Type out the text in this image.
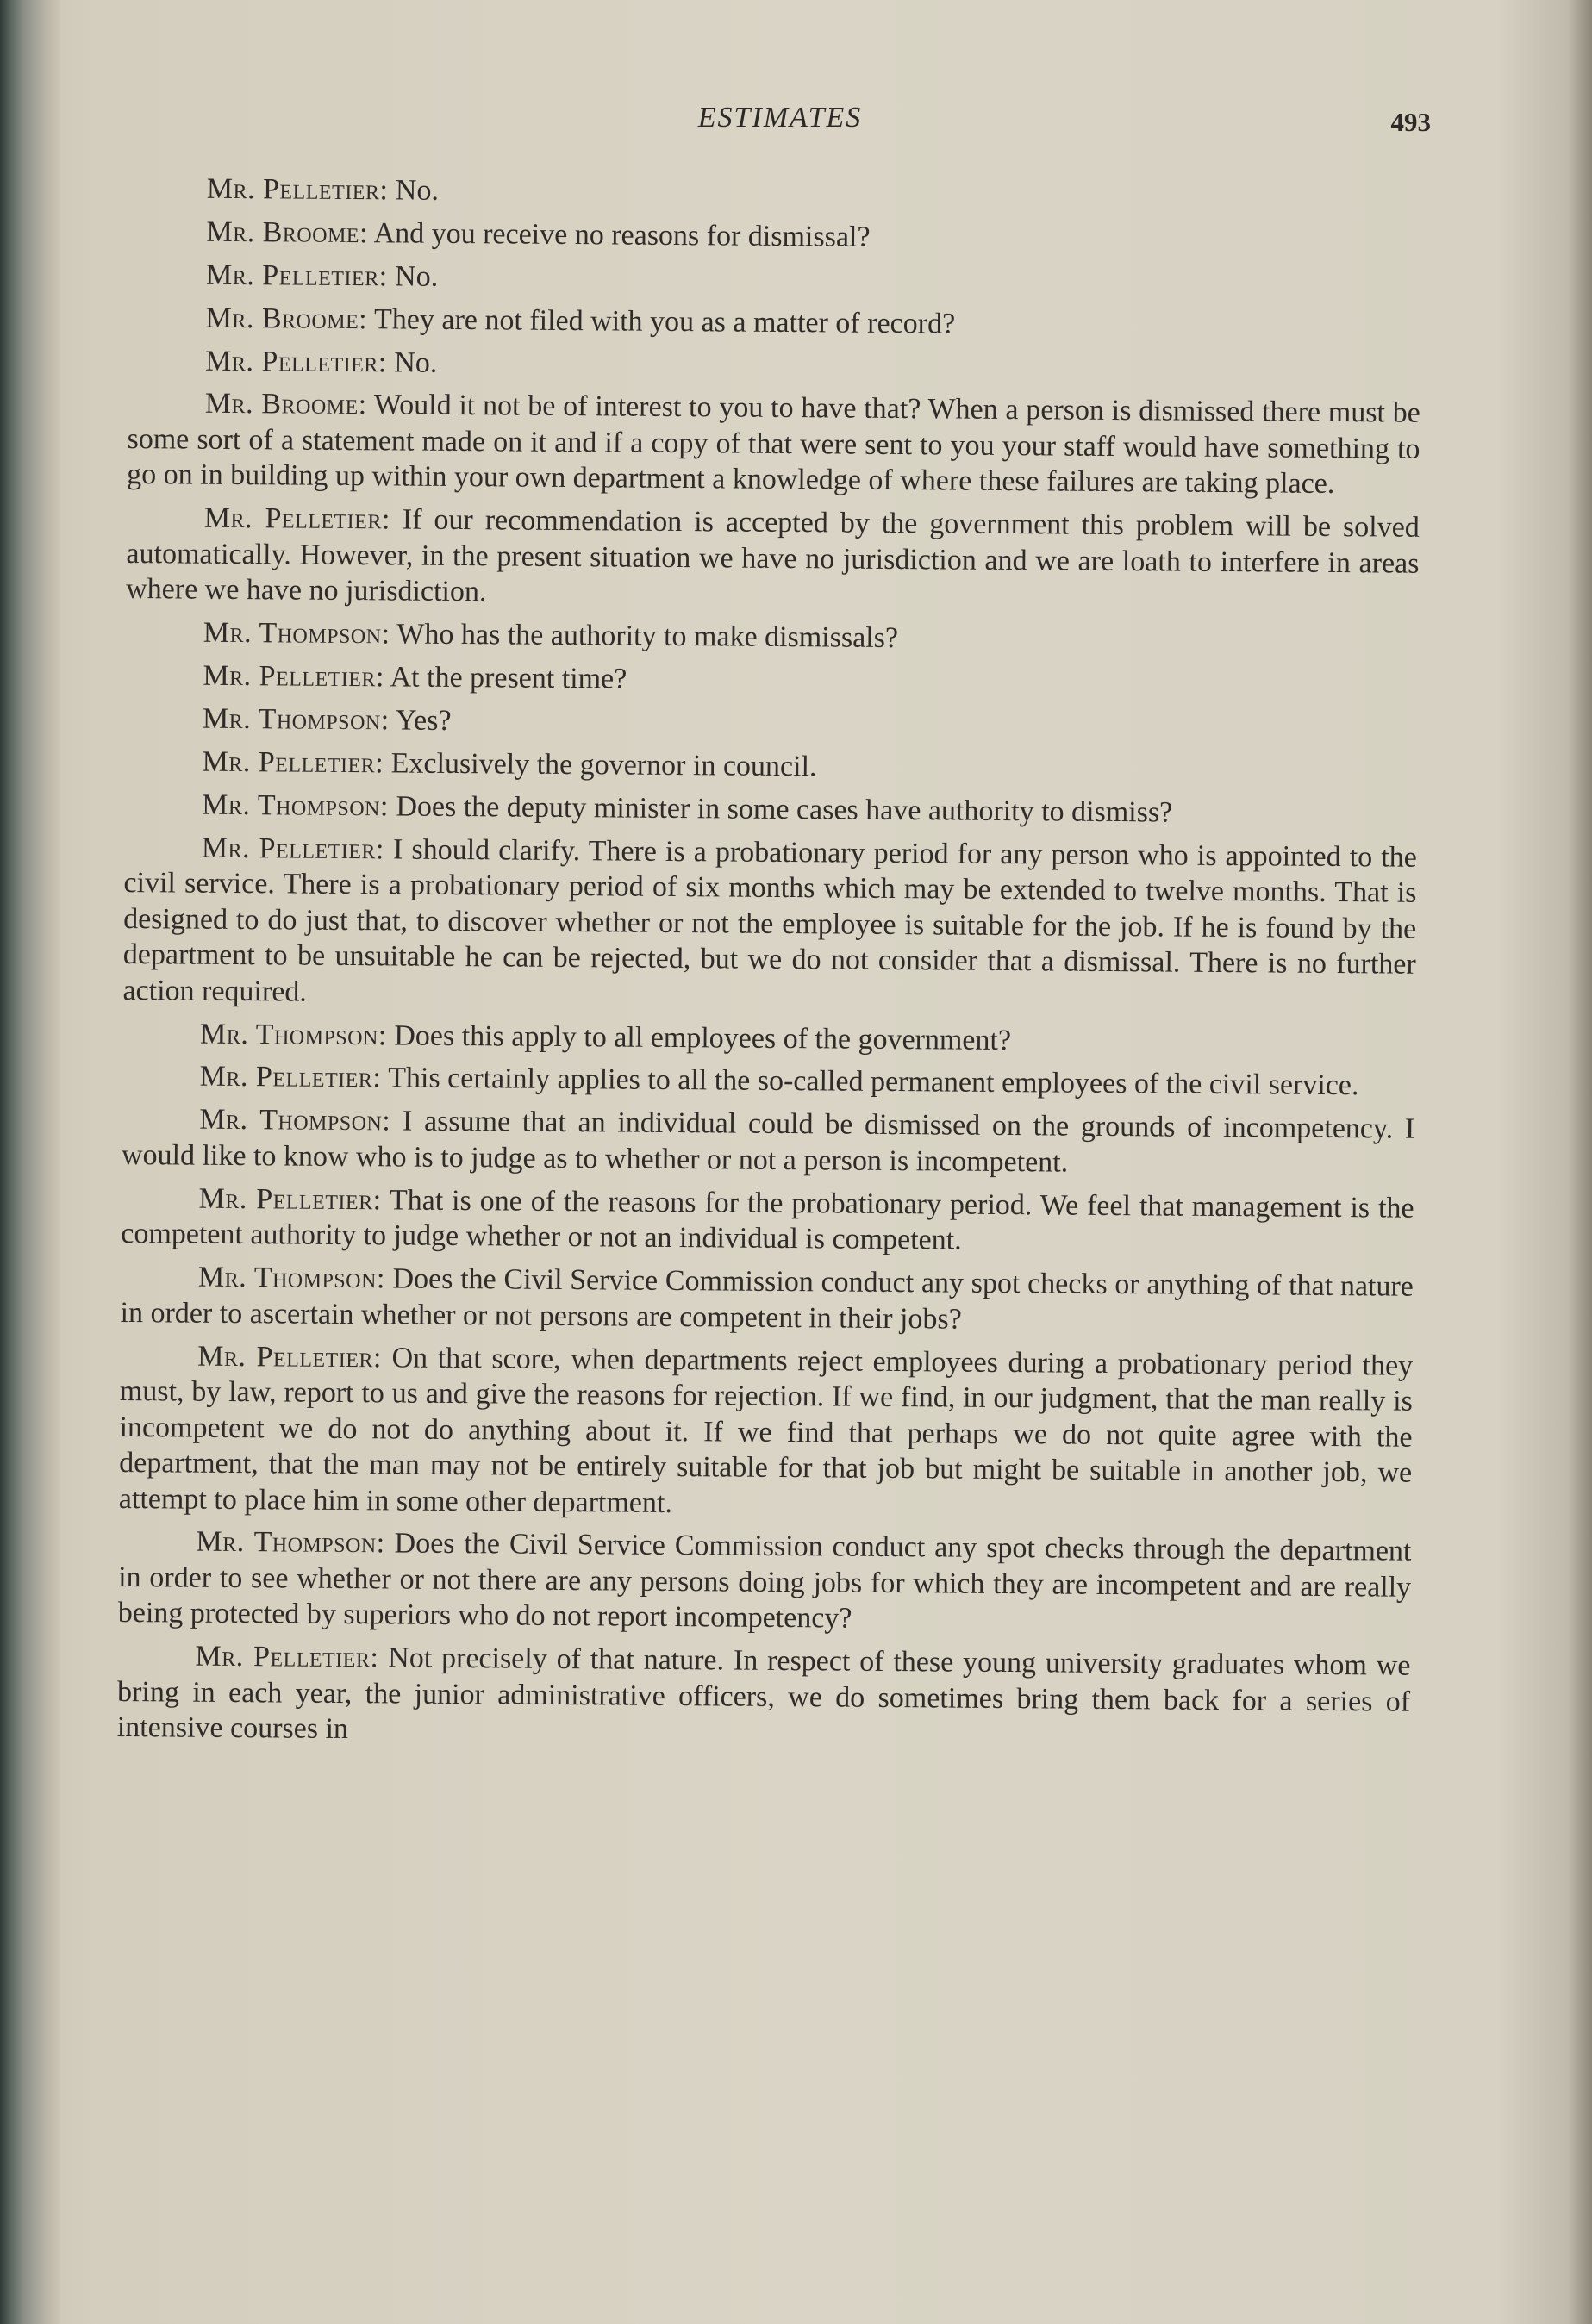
ESTIMATES	493

Mr. Pelletier: No.

Mr. Broome: And you receive no reasons for dismissal?

Mr. Pelletier: No.

Mr. Broome: They are not filed with you as a matter of record?

Mr. Pelletier: No.

Mr. Broome: Would it not be of interest to you to have that? When a person is dismissed there must be some sort of a statement made on it and if a copy of that were sent to you your staff would have something to go on in building up within your own department a knowledge of where these failures are taking place.

Mr. Pelletier: If our recommendation is accepted by the government this problem will be solved automatically. However, in the present situation we have no jurisdiction and we are loath to interfere in areas where we have no jurisdiction.

Mr. Thompson: Who has the authority to make dismissals?

Mr. Pelletier: At the present time?

Mr. Thompson: Yes?

Mr. Pelletier: Exclusively the governor in council.

Mr. Thompson: Does the deputy minister in some cases have authority to dismiss?

Mr. Pelletier: I should clarify. There is a probationary period for any person who is appointed to the civil service. There is a probationary period of six months which may be extended to twelve months. That is designed to do just that, to discover whether or not the employee is suitable for the job. If he is found by the department to be unsuitable he can be rejected, but we do not consider that a dismissal. There is no further action required.

Mr. Thompson: Does this apply to all employees of the government?

Mr. Pelletier: This certainly applies to all the so-called permanent employees of the civil service.

Mr. Thompson: I assume that an individual could be dismissed on the grounds of incompetency. I would like to know who is to judge as to whether or not a person is incompetent.

Mr. Pelletier: That is one of the reasons for the probationary period. We feel that management is the competent authority to judge whether or not an individual is competent.

Mr. Thompson: Does the Civil Service Commission conduct any spot checks or anything of that nature in order to ascertain whether or not persons are competent in their jobs?

Mr. Pelletier: On that score, when departments reject employees during a probationary period they must, by law, report to us and give the reasons for rejection. If we find, in our judgment, that the man really is incompetent we do not do anything about it. If we find that perhaps we do not quite agree with the department, that the man may not be entirely suitable for that job but might be suitable in another job, we attempt to place him in some other department.

Mr. Thompson: Does the Civil Service Commission conduct any spot checks through the department in order to see whether or not there are any persons doing jobs for which they are incompetent and are really being protected by superiors who do not report incompetency?

Mr. Pelletier: Not precisely of that nature. In respect of these young university graduates whom we bring in each year, the junior administrative officers, we do sometimes bring them back for a series of intensive courses in
